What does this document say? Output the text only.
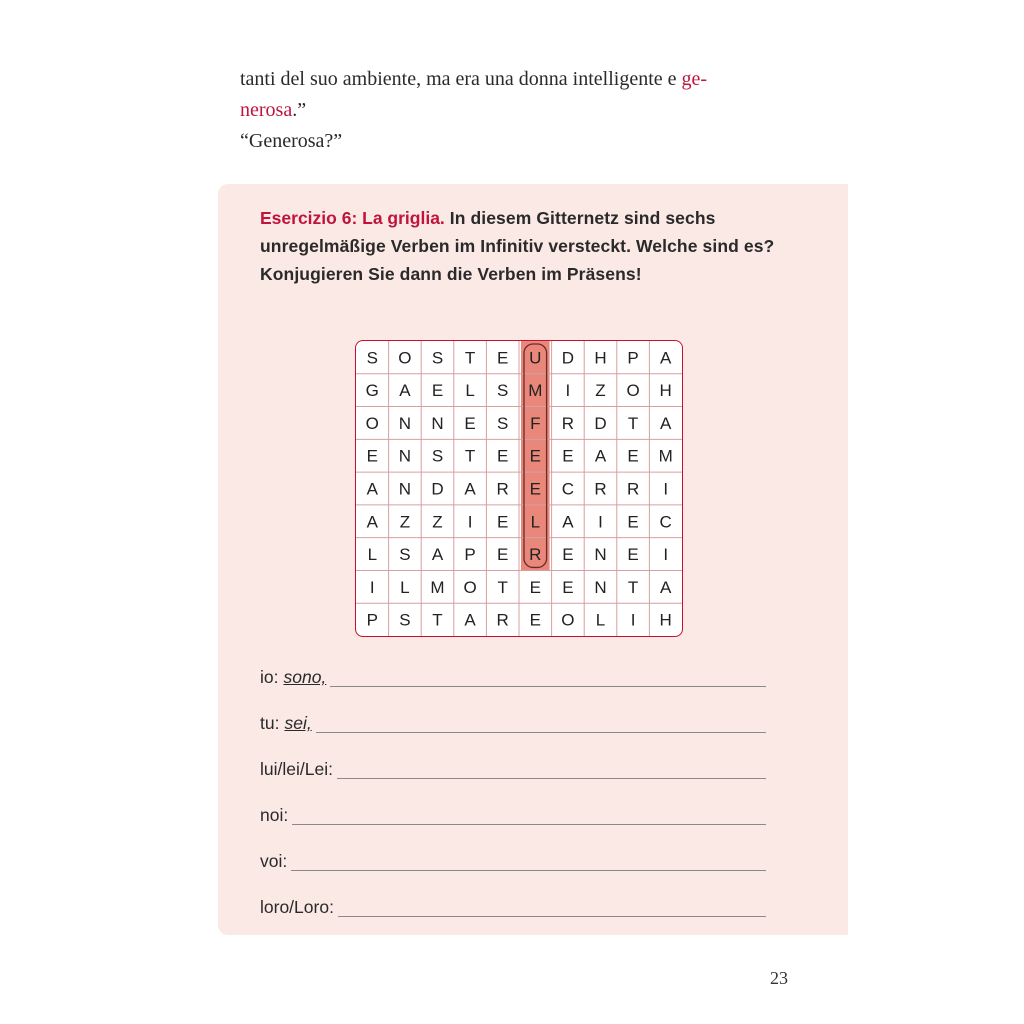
tanti del suo ambiente, ma era una donna intelligente e ge-

nerosa.”

“Generosa?”

Esercizio 6: La griglia. In diesem Gitternetz sind sechs unregelmäßige Verben im Infinitiv versteckt. Welche sind es? Konjugieren Sie dann die Verben im Präsens!
S O S T E U D H P A
G A E L S M I Z O H
O N N E S F R D T A
E N S T E E E A E M
A N D A R E C R R I
A Z Z I E L A I E C
L S A P E R E N E I
I L M O T E E N T A
P S T A R E O L I H
io: sono,
tu: sei,
lui/lei/Lei:
noi:
voi:
loro/Loro:
23
